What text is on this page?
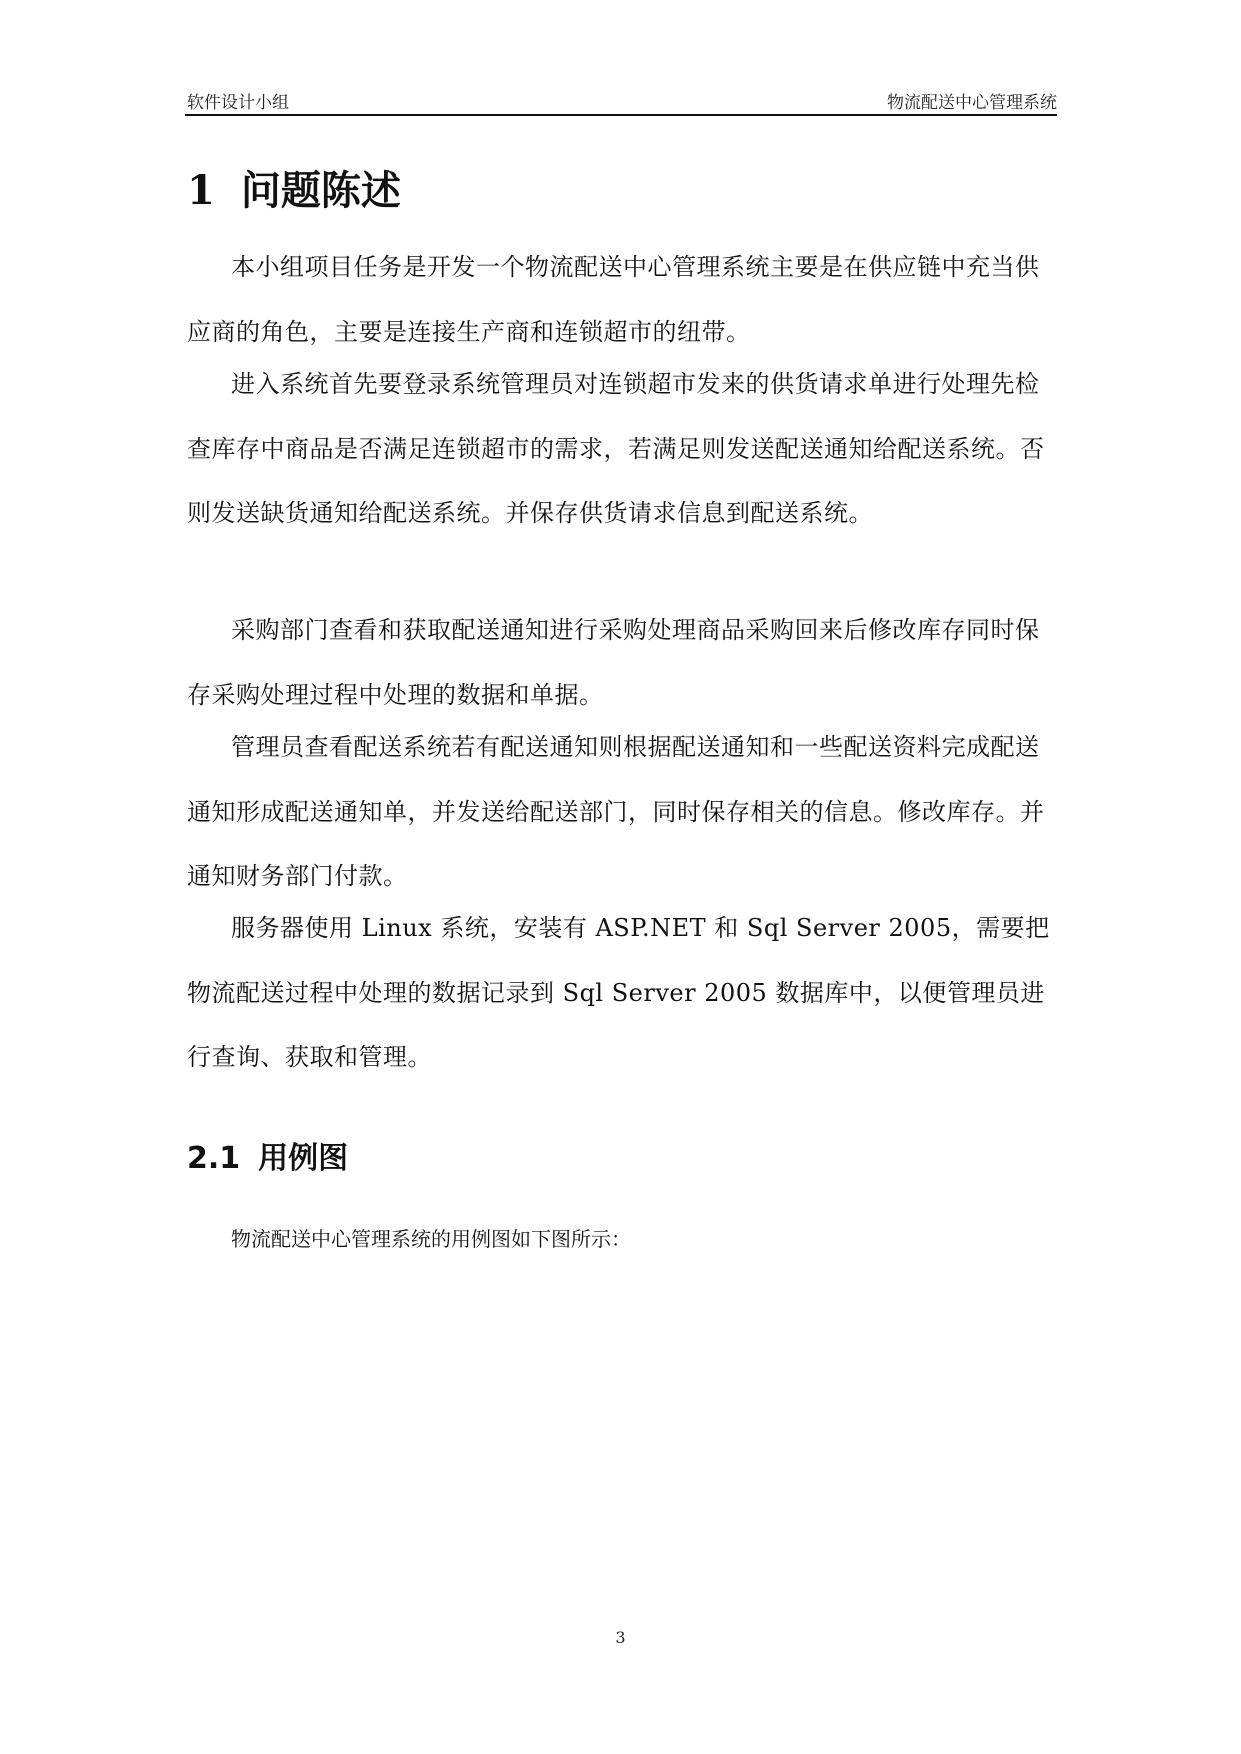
软件设计小组	物流配送中心管理系统
1 问题陈述

本小组项目任务是开发一个物流配送中心管理系统主要是在供应链中充当供应商的角色，主要是连接生产商和连锁超市的纽带。

进入系统首先要登录系统管理员对连锁超市发来的供货请求单进行处理先检查库存中商品是否满足连锁超市的需求，若满足则发送配送通知给配送系统。否则发送缺货通知给配送系统。并保存供货请求信息到配送系统。

采购部门查看和获取配送通知进行采购处理商品采购回来后修改库存同时保存采购处理过程中处理的数据和单据。

管理员查看配送系统若有配送通知则根据配送通知和一些配送资料完成配送通知形成配送通知单，并发送给配送部门，同时保存相关的信息。修改库存。并通知财务部门付款。

服务器使用 Linux 系统，安装有 ASP.NET 和 Sql Server 2005，需要把物流配送过程中处理的数据记录到 Sql Server 2005 数据库中，以便管理员进行查询、获取和管理。

2.1 用例图
物流配送中心管理系统的用例图如下图所示：
3
